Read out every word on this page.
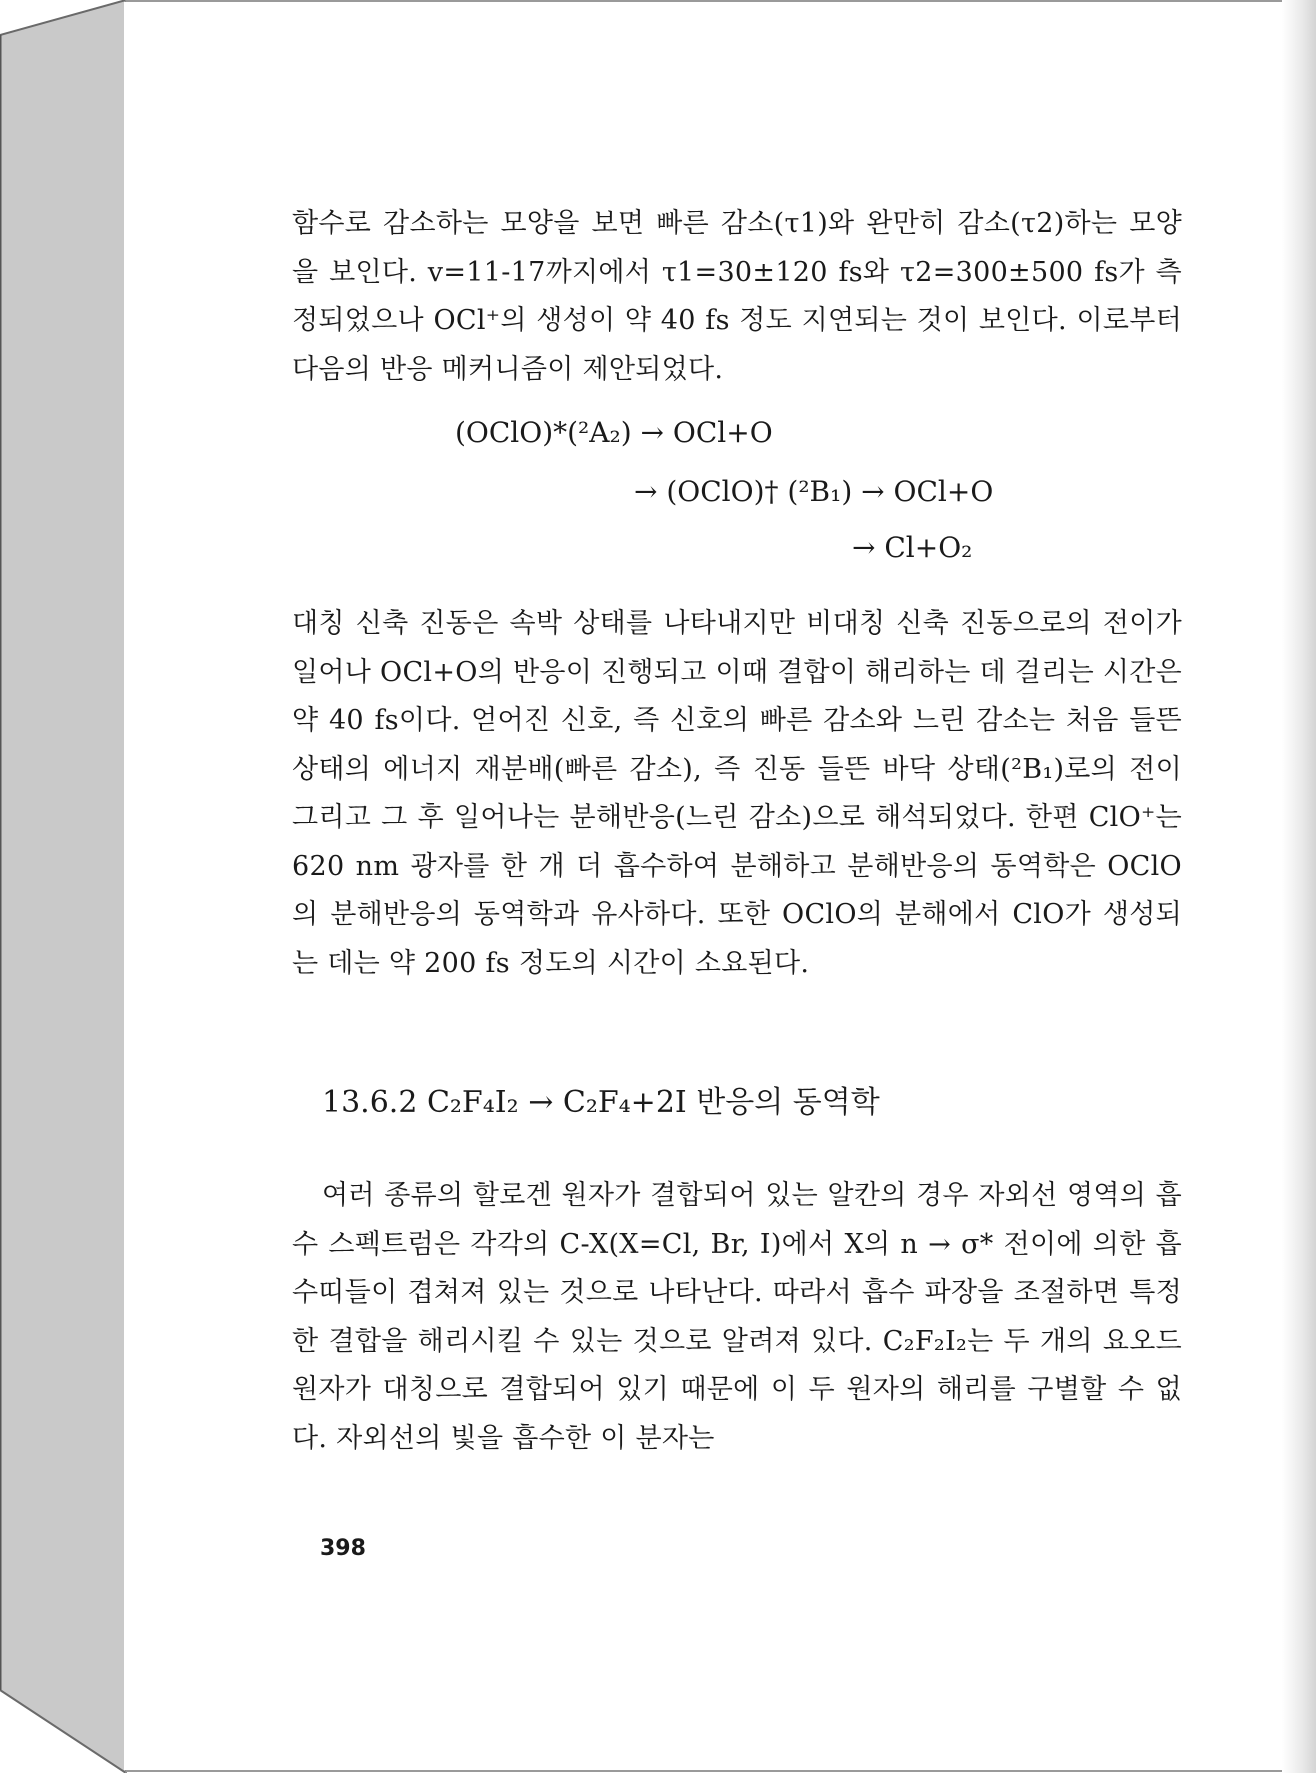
함수로 감소하는 모양을 보면 빠른 감소(τ1)와 완만히 감소(τ2)하는 모양을 보인다. v=11-17까지에서 τ1=30±120 fs와 τ2=300±500 fs가 측정되었으나 OCl⁺의 생성이 약 40 fs 정도 지연되는 것이 보인다. 이로부터 다음의 반응 메커니즘이 제안되었다.

(OClO)*(²A₂) → OCl+O
→ (OClO)† (²B₁) → OCl+O
→ Cl+O₂

대칭 신축 진동은 속박 상태를 나타내지만 비대칭 신축 진동으로의 전이가 일어나 OCl+O의 반응이 진행되고 이때 결합이 해리하는 데 걸리는 시간은 약 40 fs이다. 얻어진 신호, 즉 신호의 빠른 감소와 느린 감소는 처음 들뜬 상태의 에너지 재분배(빠른 감소), 즉 진동 들뜬 바닥 상태(²B₁)로의 전이 그리고 그 후 일어나는 분해반응(느린 감소)으로 해석되었다. 한편 ClO⁺는 620 nm 광자를 한 개 더 흡수하여 분해하고 분해반응의 동역학은 OClO의 분해반응의 동역학과 유사하다. 또한 OClO의 분해에서 ClO가 생성되는 데는 약 200 fs 정도의 시간이 소요된다.

13.6.2 C₂F₄I₂ → C₂F₄+2I 반응의 동역학

여러 종류의 할로겐 원자가 결합되어 있는 알칸의 경우 자외선 영역의 흡수 스펙트럼은 각각의 C-X(X=Cl, Br, I)에서 X의 n → σ* 전이에 의한 흡수띠들이 겹쳐져 있는 것으로 나타난다. 따라서 흡수 파장을 조절하면 특정한 결합을 해리시킬 수 있는 것으로 알려져 있다. C₂F₂I₂는 두 개의 요오드 원자가 대칭으로 결합되어 있기 때문에 이 두 원자의 해리를 구별할 수 없다. 자외선의 빛을 흡수한 이 분자는

398
